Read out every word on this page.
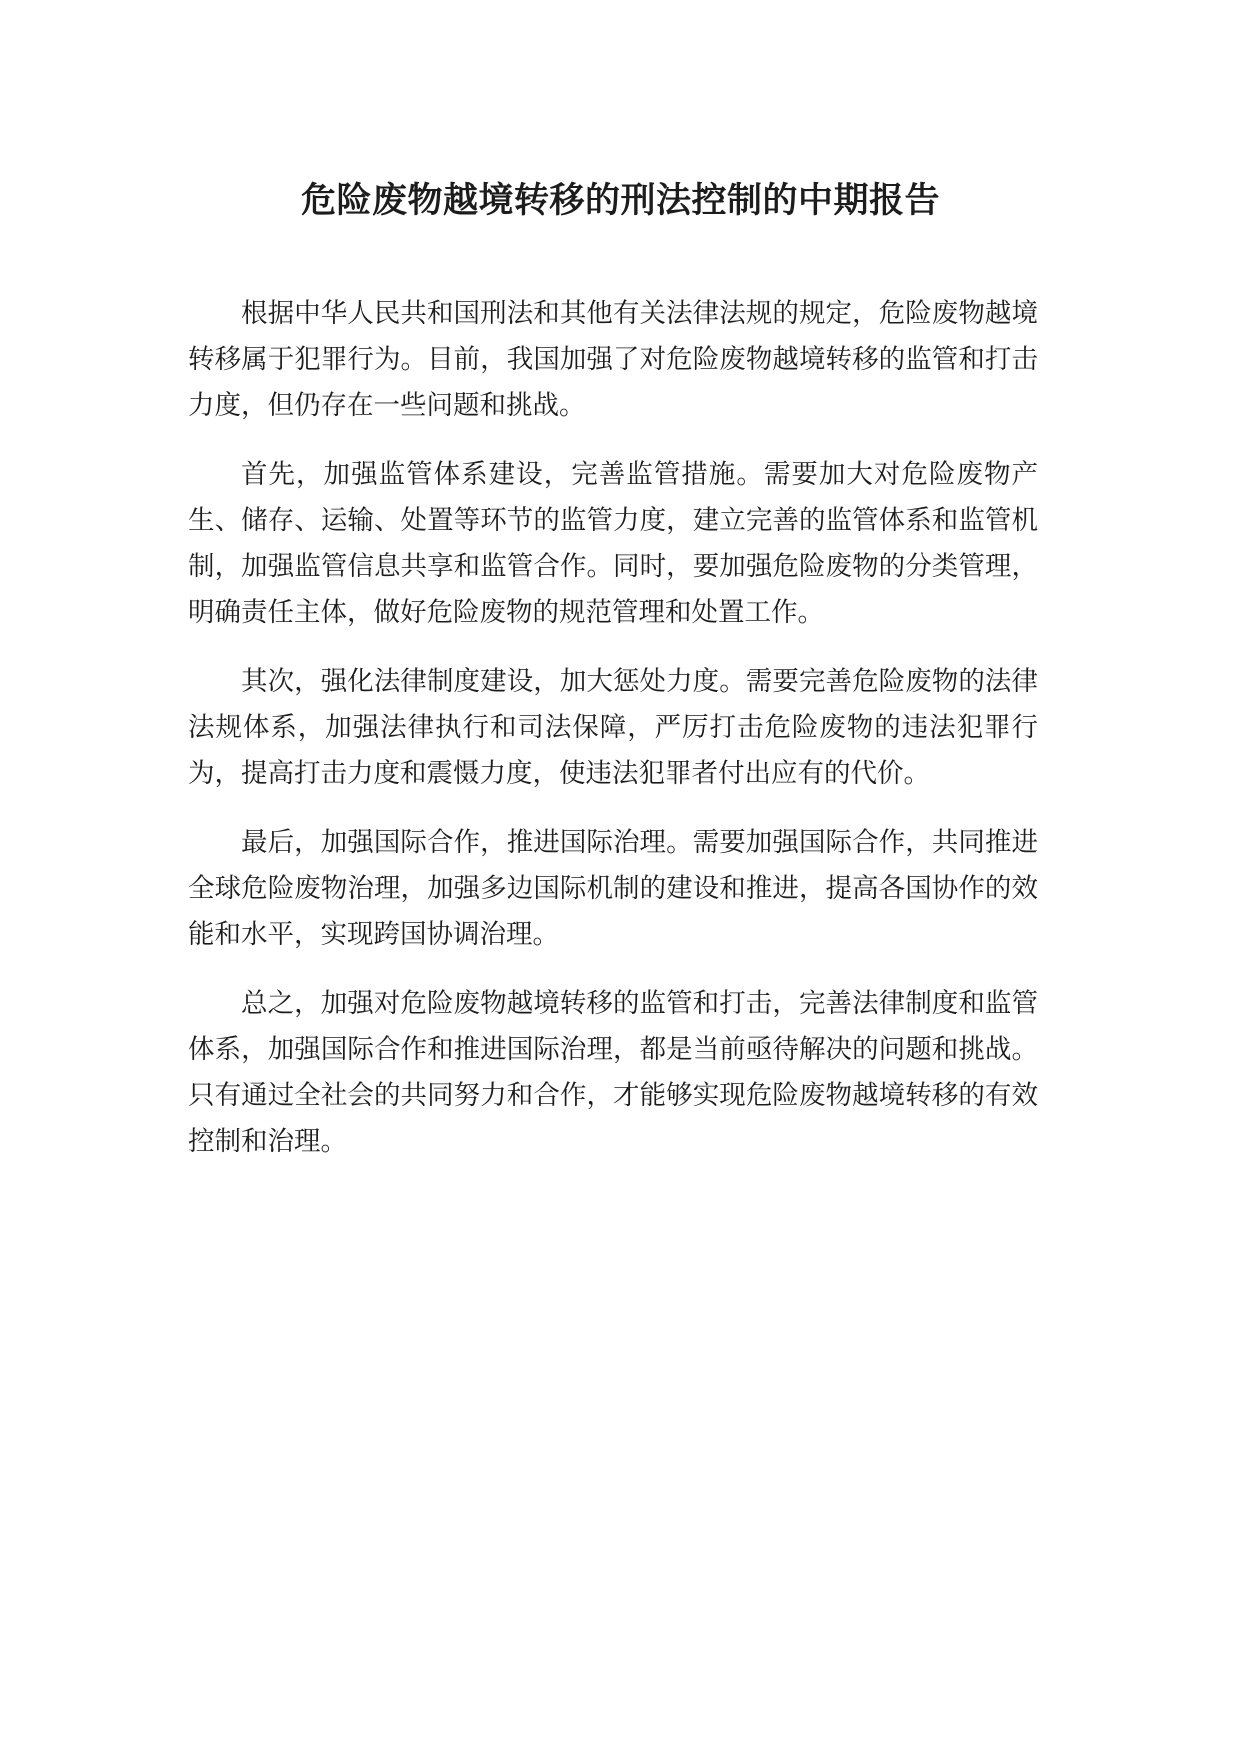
危险废物越境转移的刑法控制的中期报告

根据中华人民共和国刑法和其他有关法律法规的规定，危险废物越境转移属于犯罪行为。目前，我国加强了对危险废物越境转移的监管和打击力度，但仍存在一些问题和挑战。

首先，加强监管体系建设，完善监管措施。需要加大对危险废物产生、储存、运输、处置等环节的监管力度，建立完善的监管体系和监管机制，加强监管信息共享和监管合作。同时，要加强危险废物的分类管理，明确责任主体，做好危险废物的规范管理和处置工作。

其次，强化法律制度建设，加大惩处力度。需要完善危险废物的法律法规体系，加强法律执行和司法保障，严厉打击危险废物的违法犯罪行为，提高打击力度和震慑力度，使违法犯罪者付出应有的代价。

最后，加强国际合作，推进国际治理。需要加强国际合作，共同推进全球危险废物治理，加强多边国际机制的建设和推进，提高各国协作的效能和水平，实现跨国协调治理。

总之，加强对危险废物越境转移的监管和打击，完善法律制度和监管体系，加强国际合作和推进国际治理，都是当前亟待解决的问题和挑战。只有通过全社会的共同努力和合作，才能够实现危险废物越境转移的有效控制和治理。
